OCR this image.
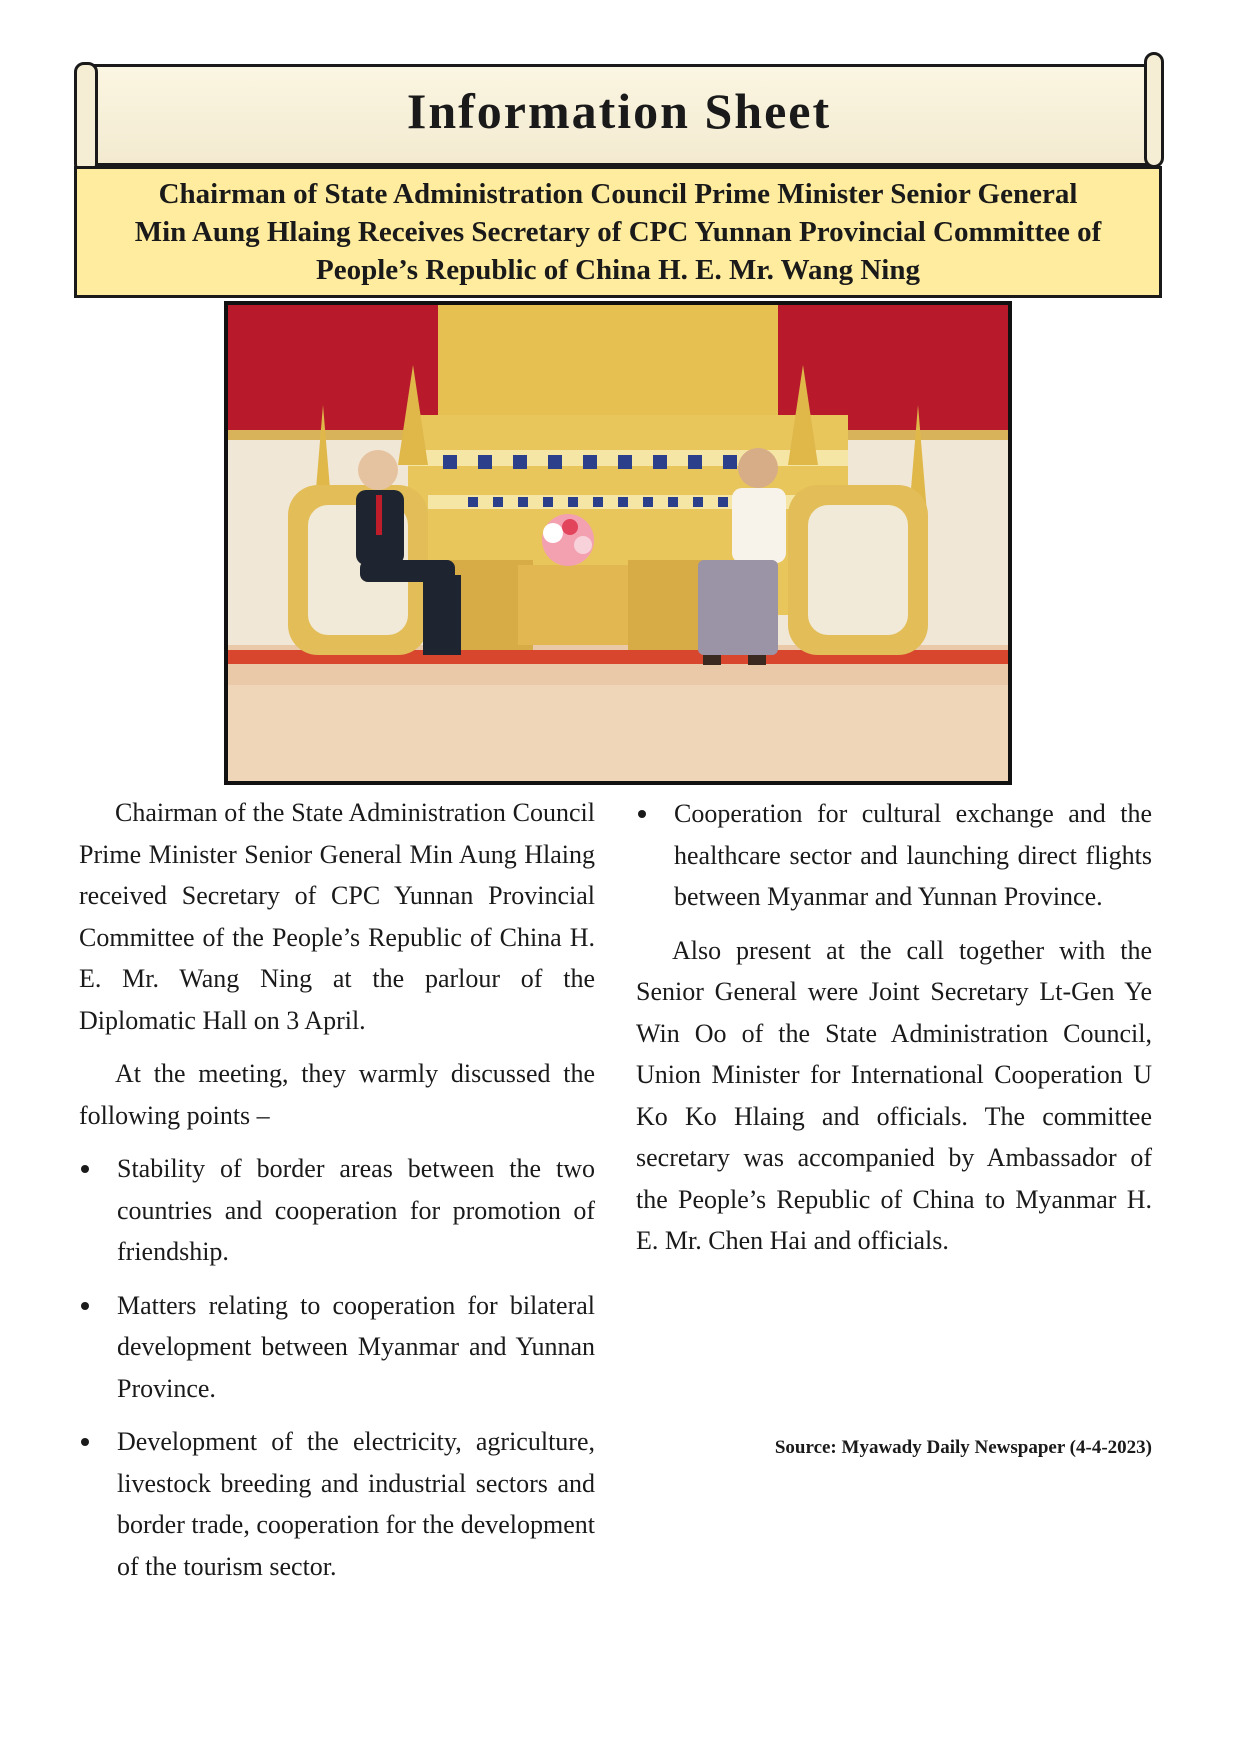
Information Sheet
Chairman of State Administration Council Prime Minister Senior General
Min Aung Hlaing Receives Secretary of CPC Yunnan Provincial Committee of
People’s Republic of China H. E. Mr. Wang Ning

Chairman of the State Administration Council Prime Minister Senior General Min Aung Hlaing received Secretary of CPC Yunnan Provincial Committee of the People’s Republic of China H. E. Mr. Wang Ning at the parlour of the Diplomatic Hall on 3 April.

At the meeting, they warmly discussed the following points –

Stability of border areas between the two countries and cooperation for promotion of friendship.
Matters relating to cooperation for bilateral development between Myanmar and Yunnan Province.
Development of the electricity, agriculture, livestock breeding and industrial sectors and border trade, cooperation for the development of the tourism sector.
Cooperation for cultural exchange and the healthcare sector and launching direct flights between Myanmar and Yunnan Province.

Also present at the call together with the Senior General were Joint Secretary Lt-Gen Ye Win Oo of the State Administration Council, Union Minister for International Cooperation U Ko Ko Hlaing and officials. The committee secretary was accompanied by Ambassador of the People’s Republic of China to Myanmar H. E. Mr. Chen Hai and officials.

Source: Myawady Daily Newspaper (4-4-2023)
